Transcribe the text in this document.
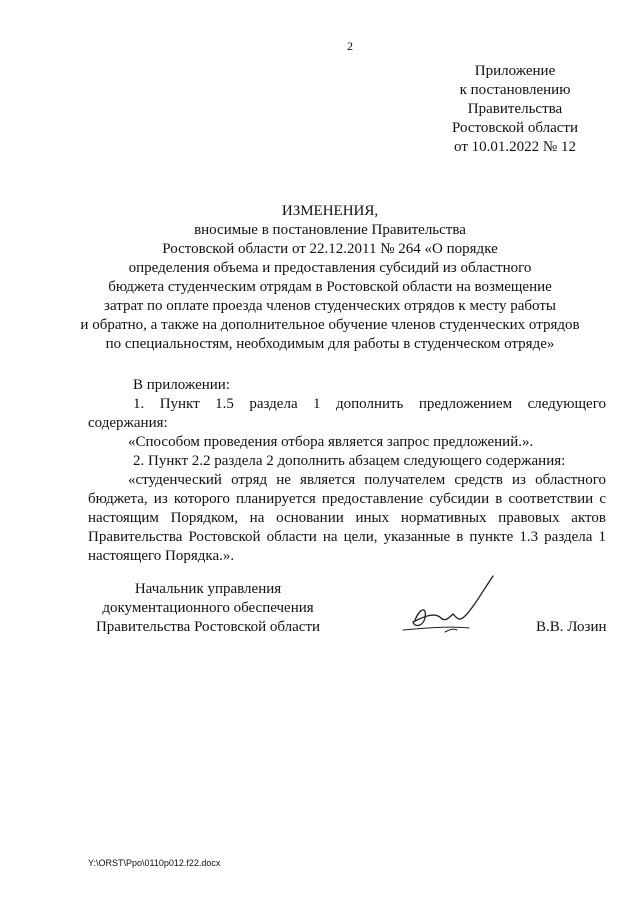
2
Приложение
к постановлению
Правительства
Ростовской области
от 10.01.2022 № 12
ИЗМЕНЕНИЯ,
вносимые в постановление Правительства
Ростовской области от 22.12.2011 № 264 «О порядке
определения объема и предоставления субсидий из областного
бюджета студенческим отрядам в Ростовской области на возмещение
затрат по оплате проезда членов студенческих отрядов к месту работы
и обратно, а также на дополнительное обучение членов студенческих отрядов
по специальностям, необходимым для работы в студенческом отряде»
В приложении:
1. Пункт 1.5 раздела 1 дополнить предложением следующего содержания:
«Способом проведения отбора является запрос предложений.».
2. Пункт 2.2 раздела 2 дополнить абзацем следующего содержания:
«студенческий отряд не является получателем средств из областного бюджета, из которого планируется предоставление субсидии в соответствии с настоящим Порядком, на основании иных нормативных правовых актов Правительства Ростовской области на цели, указанные в пункте 1.3 раздела 1 настоящего Порядка.».
Начальник управления
документационного обеспечения
Правительства Ростовской области	В.В. Лозин
Y:\ORST\Ppo\0110p012.f22.docx
